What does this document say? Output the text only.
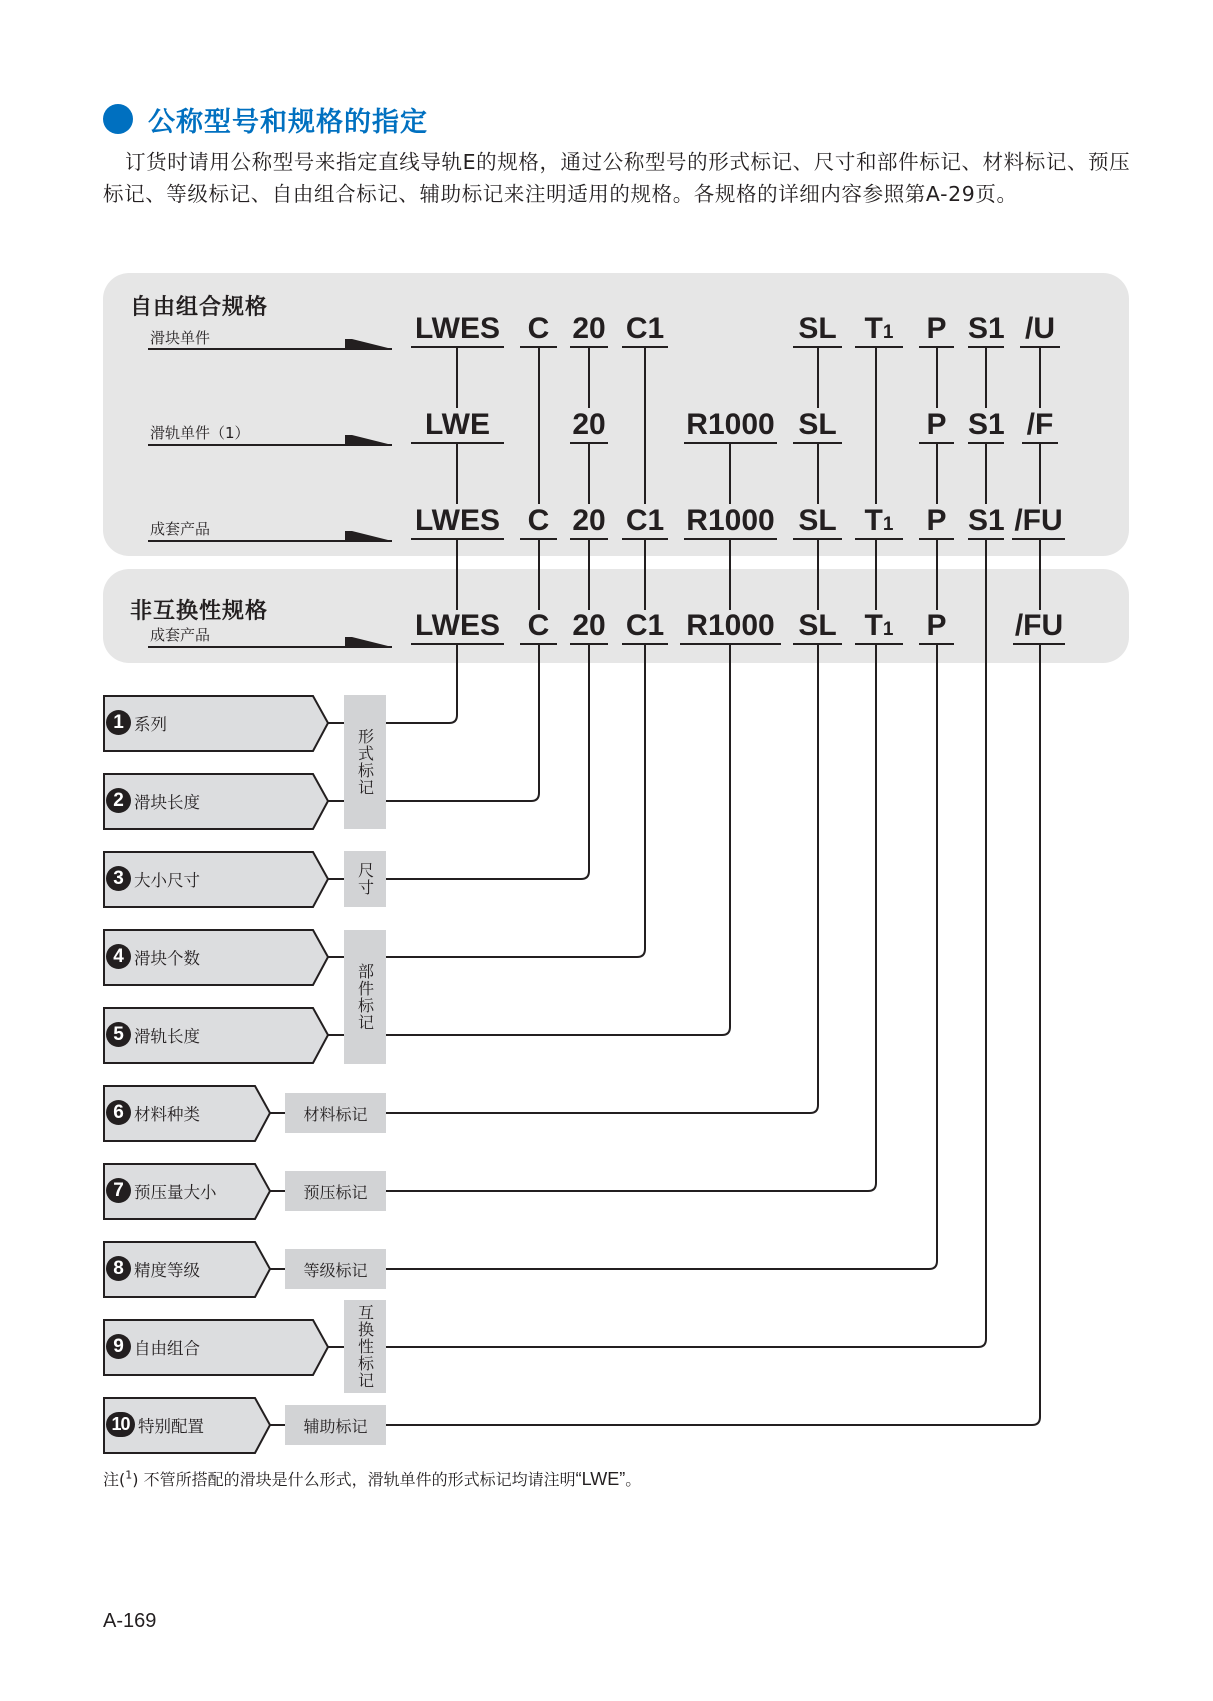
公称型号和规格的指定

订货时请用公称型号来指定直线导轨E的规格，通过公称型号的形式标记、尺寸和部件标记、材料标记、预压标记、等级标记、自由组合标记、辅助标记来注明适用的规格。各规格的详细内容参照第A-29页。

自由组合规格
非互换性规格
滑块单件
滑轨单件（1）
成套产品
成套产品
LWES C 20 C1	SL T1	P S1 /U
LWE	20	R1000 SL	P S1 /F
LWES C 20 C1 R1000 SL T1	P S1 /FU
LWES C 20 C1 R1000 SL T1	P /FU
1 系列
2 滑块长度
3 大小尺寸
4 滑块个数
5 滑轨长度
6 材料种类
7 预压量大小
8 精度等级
9 自由组合
10 特别配置
形式标记
尺寸
部件标记
材料标记
预压标记
等级标记
互换性标记
辅助标记
注($^1$) 不管所搭配的滑块是什么形式，滑轨单件的形式标记均请注明“LWE”。
A-169
